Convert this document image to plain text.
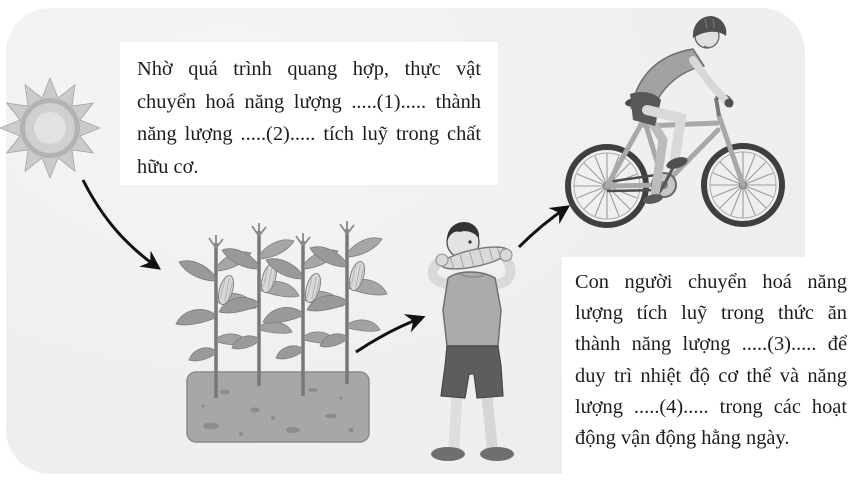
Nhờ quá trình quang hợp, thực vật chuyển hoá năng lượng .....(1)..... thành năng lượng .....(2)..... tích luỹ trong chất hữu cơ.

Con người chuyển hoá năng lượng tích luỹ trong thức ăn thành năng lượng .....(3)..... để duy trì nhiệt độ cơ thể và năng lượng .....(4)..... trong các hoạt động vận động hằng ngày.
